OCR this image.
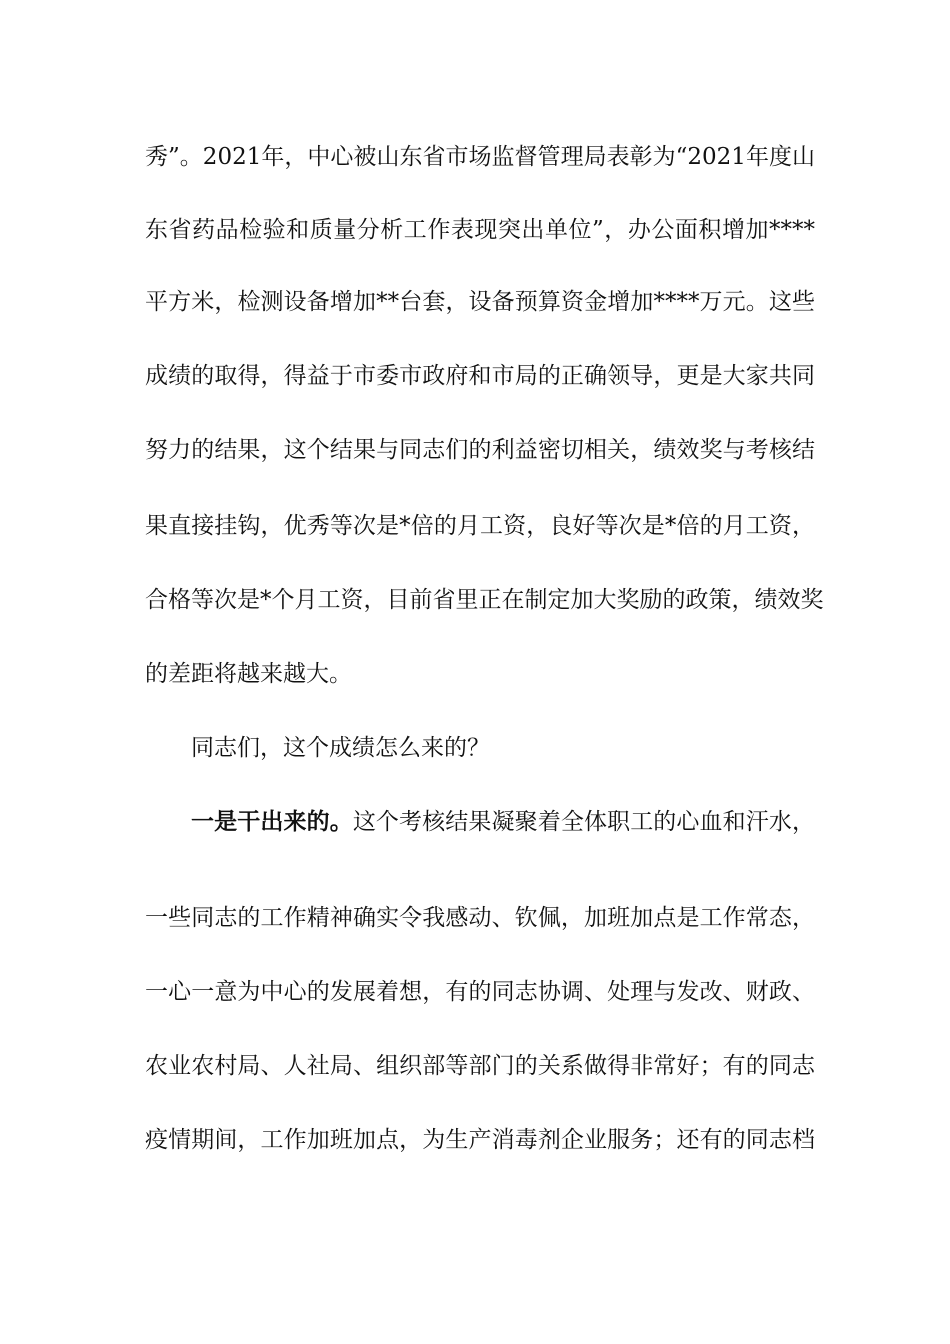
秀”。2021年，中心被山东省市场监督管理局表彰为“2021年度山
东省药品检验和质量分析工作表现突出单位”，办公面积增加****
平方米，检测设备增加**台套，设备预算资金增加****万元。这些
成绩的取得，得益于市委市政府和市局的正确领导，更是大家共同
努力的结果，这个结果与同志们的利益密切相关，绩效奖与考核结
果直接挂钩，优秀等次是*倍的月工资，良好等次是*倍的月工资，
合格等次是*个月工资，目前省里正在制定加大奖励的政策，绩效奖
的差距将越来越大。
同志们，这个成绩怎么来的？
一是干出来的。这个考核结果凝聚着全体职工的心血和汗水，
一些同志的工作精神确实令我感动、钦佩，加班加点是工作常态，
一心一意为中心的发展着想，有的同志协调、处理与发改、财政、
农业农村局、人社局、组织部等部门的关系做得非常好；有的同志
疫情期间，工作加班加点，为生产消毒剂企业服务；还有的同志档
